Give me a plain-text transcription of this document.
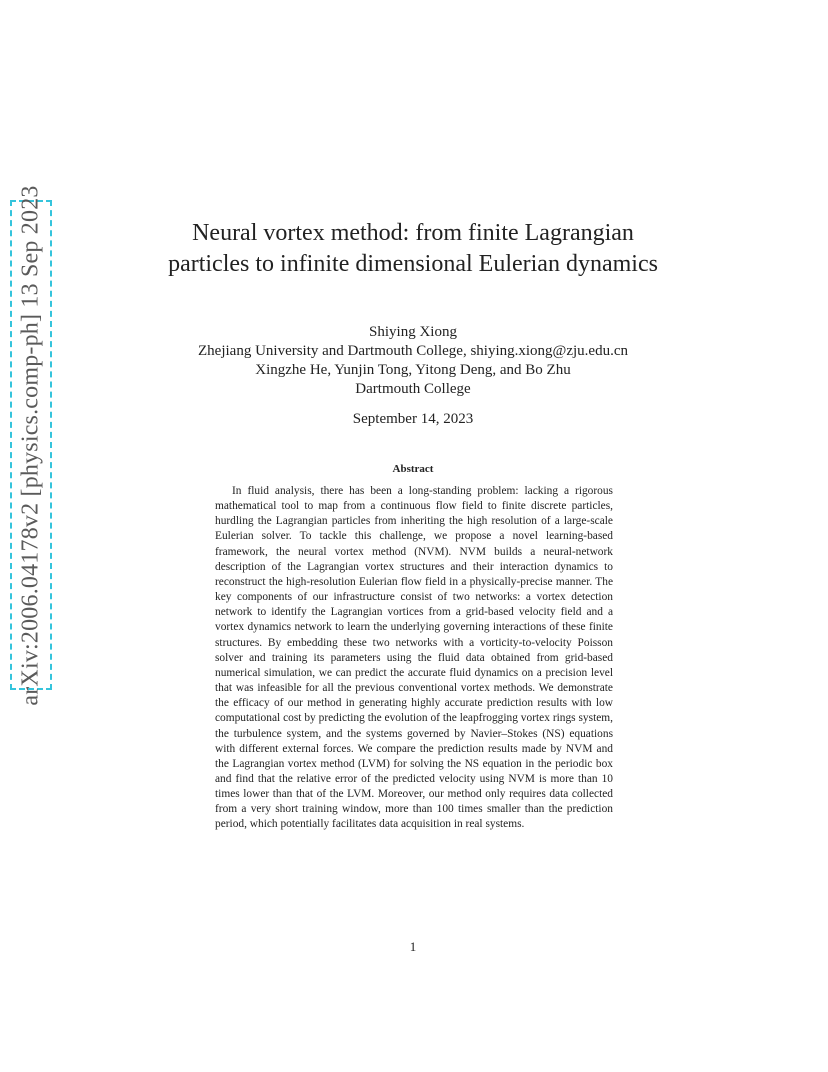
arXiv:2006.04178v2 [physics.comp-ph] 13 Sep 2023	Neural vortex method: from finite Lagrangian particles to infinite dimensional Eulerian dynamics
Shiying Xiong
Zhejiang University and Dartmouth College, shiying.xiong@zju.edu.cn
Xingzhe He, Yunjin Tong, Yitong Deng, and Bo Zhu
Dartmouth College
September 14, 2023
Abstract

In fluid analysis, there has been a long-standing problem: lacking a rigorous mathematical tool to map from a continuous flow field to finite discrete particles, hurdling the Lagrangian particles from inheriting the high resolution of a large-scale Eulerian solver. To tackle this challenge, we propose a novel learning-based framework, the neural vortex method (NVM). NVM builds a neural-network description of the Lagrangian vortex structures and their interaction dynamics to reconstruct the high-resolution Eulerian flow field in a physically-precise manner. The key components of our infrastructure consist of two networks: a vortex detection network to identify the Lagrangian vortices from a grid-based velocity field and a vortex dynamics network to learn the underlying governing interactions of these finite structures. By embedding these two networks with a vorticity-to-velocity Poisson solver and training its parameters using the fluid data obtained from grid-based numerical simulation, we can predict the accurate fluid dynamics on a precision level that was infeasible for all the previous conventional vortex methods. We demonstrate the efficacy of our method in generating highly accurate prediction results with low computational cost by predicting the evolution of the leapfrogging vortex rings system, the turbulence system, and the systems governed by Navier–Stokes (NS) equations with different external forces. We compare the prediction results made by NVM and the Lagrangian vortex method (LVM) for solving the NS equation in the periodic box and find that the relative error of the predicted velocity using NVM is more than 10 times lower than that of the LVM. Moreover, our method only requires data collected from a very short training window, more than 100 times smaller than the prediction period, which potentially facilitates data acquisition in real systems.

1
